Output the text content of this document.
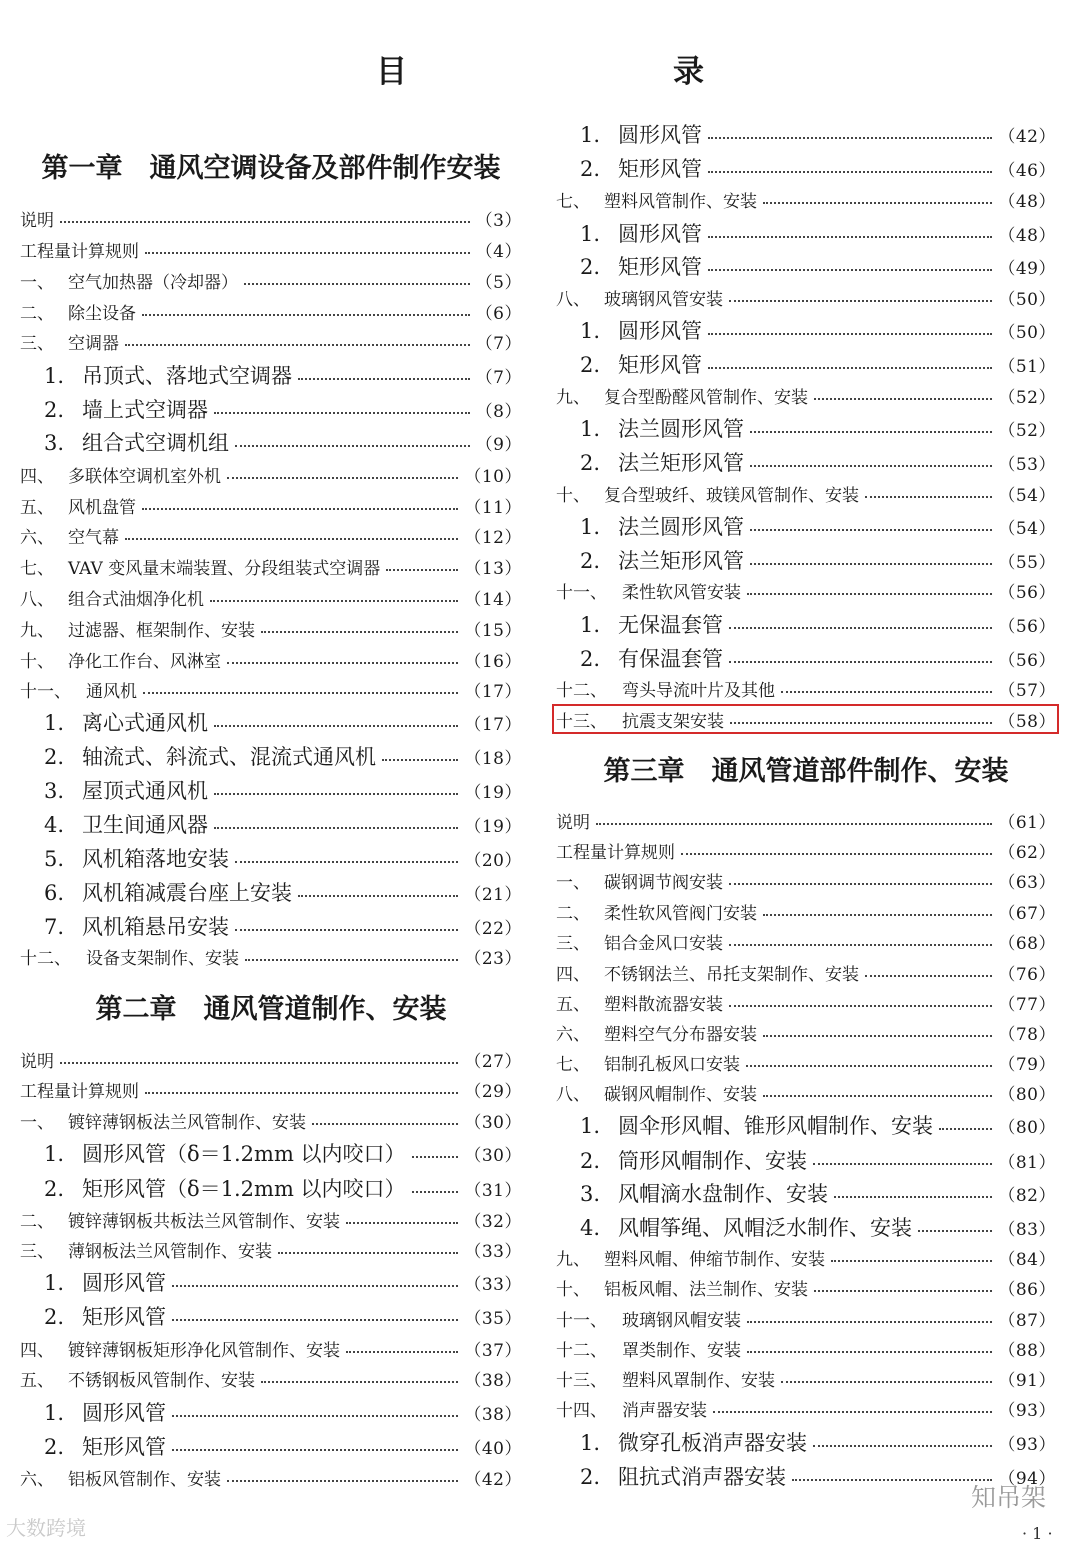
目　　录
第一章　通风空调设备及部件制作安装
说明	（3）
工程量计算规则	（4）
一、 空气加热器（冷却器）	（5）
二、 除尘设备	（6）
三、 空调器	（7）
1. 吊顶式、落地式空调器	（7）
2. 墙上式空调器	（8）
3. 组合式空调机组	（9）
四、 多联体空调机室外机	（10）
五、 风机盘管	（11）
六、 空气幕	（12）
七、 VAV 变风量末端装置、分段组装式空调器	（13）
八、 组合式油烟净化机	（14）
九、 过滤器、框架制作、安装	（15）
十、 净化工作台、风淋室	（16）
十一、 通风机	（17）
1. 离心式通风机	（17）
2. 轴流式、斜流式、混流式通风机	（18）
3. 屋顶式通风机	（19）
4. 卫生间通风器	（19）
5. 风机箱落地安装	（20）
6. 风机箱减震台座上安装	（21）
7. 风机箱悬吊安装	（22）
十二、 设备支架制作、安装	（23）
第二章　通风管道制作、安装
说明	（27）
工程量计算规则	（29）
一、 镀锌薄钢板法兰风管制作、安装	（30）
1. 圆形风管（δ＝1.2mm 以内咬口）	（30）
2. 矩形风管（δ＝1.2mm 以内咬口）	（31）
二、 镀锌薄钢板共板法兰风管制作、安装	（32）
三、 薄钢板法兰风管制作、安装	（33）
1. 圆形风管	（33）
2. 矩形风管	（35）
四、 镀锌薄钢板矩形净化风管制作、安装	（37）
五、 不锈钢板风管制作、安装	（38）
1. 圆形风管	（38）
2. 矩形风管	（40）
六、 铝板风管制作、安装	（42）
1. 圆形风管	（42）
2. 矩形风管	（46）
七、 塑料风管制作、安装	（48）
1. 圆形风管	（48）
2. 矩形风管	（49）
八、 玻璃钢风管安装	（50）
1. 圆形风管	（50）
2. 矩形风管	（51）
九、 复合型酚醛风管制作、安装	（52）
1. 法兰圆形风管	（52）
2. 法兰矩形风管	（53）
十、 复合型玻纤、玻镁风管制作、安装	（54）
1. 法兰圆形风管	（54）
2. 法兰矩形风管	（55）
十一、 柔性软风管安装	（56）
1. 无保温套管	（56）
2. 有保温套管	（56）
十二、 弯头导流叶片及其他	（57）
十三、 抗震支架安装	（58）
第三章　通风管道部件制作、安装
说明	（61）
工程量计算规则	（62）
一、 碳钢调节阀安装	（63）
二、 柔性软风管阀门安装	（67）
三、 铝合金风口安装	（68）
四、 不锈钢法兰、吊托支架制作、安装	（76）
五、 塑料散流器安装	（77）
六、 塑料空气分布器安装	（78）
七、 铝制孔板风口安装	（79）
八、 碳钢风帽制作、安装	（80）
1. 圆伞形风帽、锥形风帽制作、安装	（80）
2. 筒形风帽制作、安装	（81）
3. 风帽滴水盘制作、安装	（82）
4. 风帽筝绳、风帽泛水制作、安装	（83）
九、 塑料风帽、伸缩节制作、安装	（84）
十、 铝板风帽、法兰制作、安装	（86）
十一、 玻璃钢风帽安装	（87）
十二、 罩类制作、安装	（88）
十三、 塑料风罩制作、安装	（91）
十四、 消声器安装	（93）
1. 微穿孔板消声器安装	（93）
2. 阻抗式消声器安装	（94）
大数跨境
知吊架
· 1 ·
